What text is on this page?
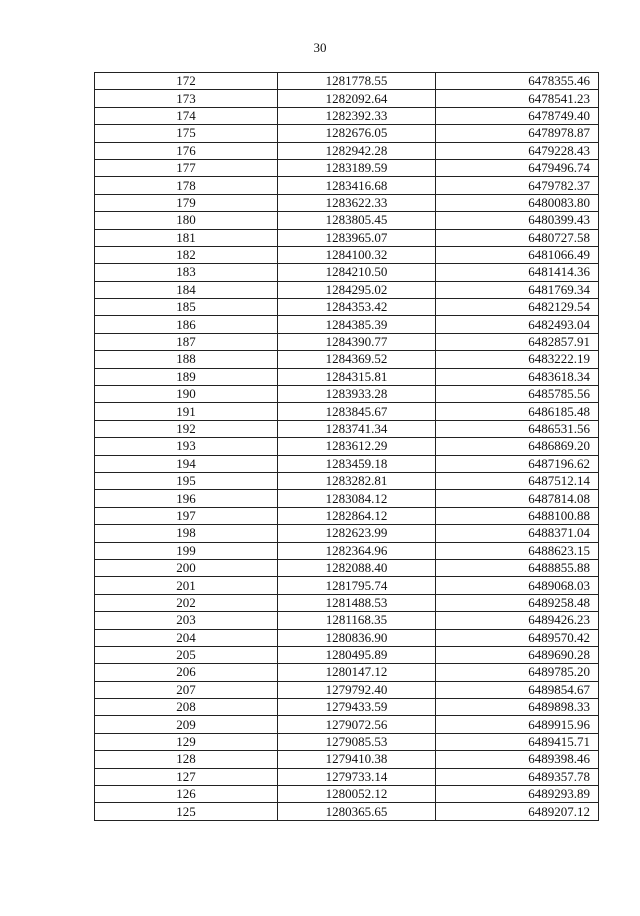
30
172	1281778.55	6478355.46
173	1282092.64	6478541.23
174	1282392.33	6478749.40
175	1282676.05	6478978.87
176	1282942.28	6479228.43
177	1283189.59	6479496.74
178	1283416.68	6479782.37
179	1283622.33	6480083.80
180	1283805.45	6480399.43
181	1283965.07	6480727.58
182	1284100.32	6481066.49
183	1284210.50	6481414.36
184	1284295.02	6481769.34
185	1284353.42	6482129.54
186	1284385.39	6482493.04
187	1284390.77	6482857.91
188	1284369.52	6483222.19
189	1284315.81	6483618.34
190	1283933.28	6485785.56
191	1283845.67	6486185.48
192	1283741.34	6486531.56
193	1283612.29	6486869.20
194	1283459.18	6487196.62
195	1283282.81	6487512.14
196	1283084.12	6487814.08
197	1282864.12	6488100.88
198	1282623.99	6488371.04
199	1282364.96	6488623.15
200	1282088.40	6488855.88
201	1281795.74	6489068.03
202	1281488.53	6489258.48
203	1281168.35	6489426.23
204	1280836.90	6489570.42
205	1280495.89	6489690.28
206	1280147.12	6489785.20
207	1279792.40	6489854.67
208	1279433.59	6489898.33
209	1279072.56	6489915.96
129	1279085.53	6489415.71
128	1279410.38	6489398.46
127	1279733.14	6489357.78
126	1280052.12	6489293.89
125	1280365.65	6489207.12
